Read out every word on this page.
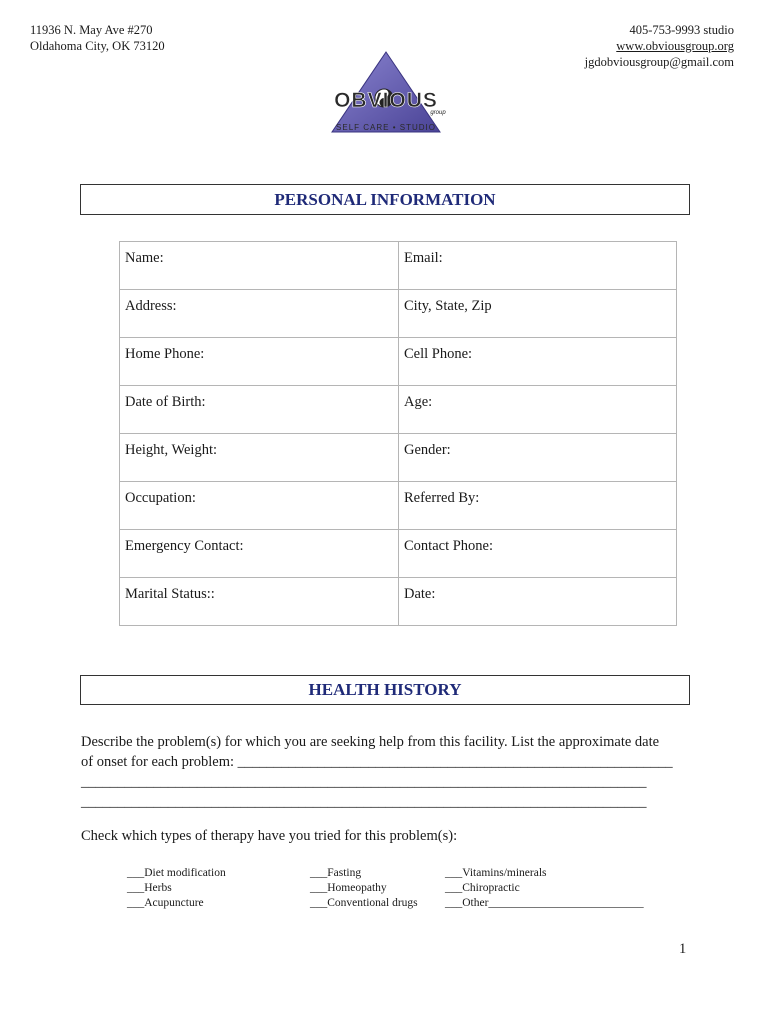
11936 N. May Ave #270
Oldahoma City, OK 73120
405-753-9993 studio
www.obviousgroup.org
jgdobviousgroup@gmail.com
OBVIOUS
group
SELF CARE • STUDIO
PERSONAL INFORMATION
Name:	Email:
Address:	City, State, Zip
Home Phone:	Cell Phone:
Date of Birth:	Age:
Height, Weight:	Gender:
Occupation:	Referred By:
Emergency Contact:	Contact Phone:
Marital Status::	Date:
HEALTH HISTORY
Describe the problem(s) for which you are seeking help from this facility. List the approximate date
of onset for each problem: ____________________________________________________________
______________________________________________________________________________
______________________________________________________________________________
Check which types of therapy have you tried for this problem(s):
___Diet modification
___Herbs
___Acupuncture
___Fasting
___Homeopathy
___Conventional drugs
___Vitamins/minerals
___Chiropractic
___Other___________________________
1
